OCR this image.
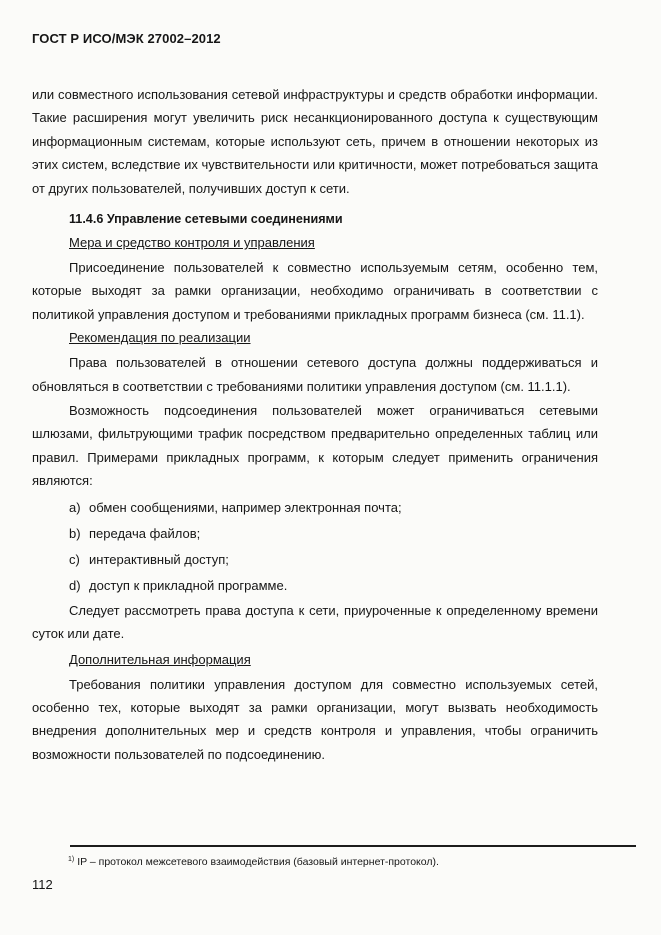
ГОСТ Р ИСО/МЭК 27002–2012

или совместного использования сетевой инфраструктуры и средств обработки информации. Такие расширения могут увеличить риск несанкционированного доступа к существующим информационным системам, которые используют сеть, причем в отношении некоторых из этих систем, вследствие их чувствительности или критичности, может потребоваться защита от других пользователей, получивших доступ к сети.

11.4.6 Управление сетевыми соединениями

Мера и средство контроля и управления

Присоединение пользователей к совместно используемым сетям, особенно тем, которые выходят за рамки организации, необходимо ограничивать в соответствии с политикой управления доступом и требованиями прикладных программ бизнеса (см. 11.1).

Рекомендация по реализации

Права пользователей в отношении сетевого доступа должны поддерживаться и обновляться в соответствии с требованиями политики управления доступом (см. 11.1.1).

Возможность подсоединения пользователей может ограничиваться сетевыми шлюзами, фильтрующими трафик посредством предварительно определенных таблиц или правил. Примерами прикладных программ, к которым следует применить ограничения являются:

a) обмен сообщениями, например электронная почта;
b) передача файлов;
c) интерактивный доступ;
d) доступ к прикладной программе.

Следует рассмотреть права доступа к сети, приуроченные к определенному времени суток или дате.

Дополнительная информация

Требования политики управления доступом для совместно используемых сетей, особенно тех, которые выходят за рамки организации, могут вызвать необходимость внедрения дополнительных мер и средств контроля и управления, чтобы ограничить возможности пользователей по подсоединению.

$^{1)}$ IP – протокол межсетевого взаимодействия (базовый интернет-протокол).
112
